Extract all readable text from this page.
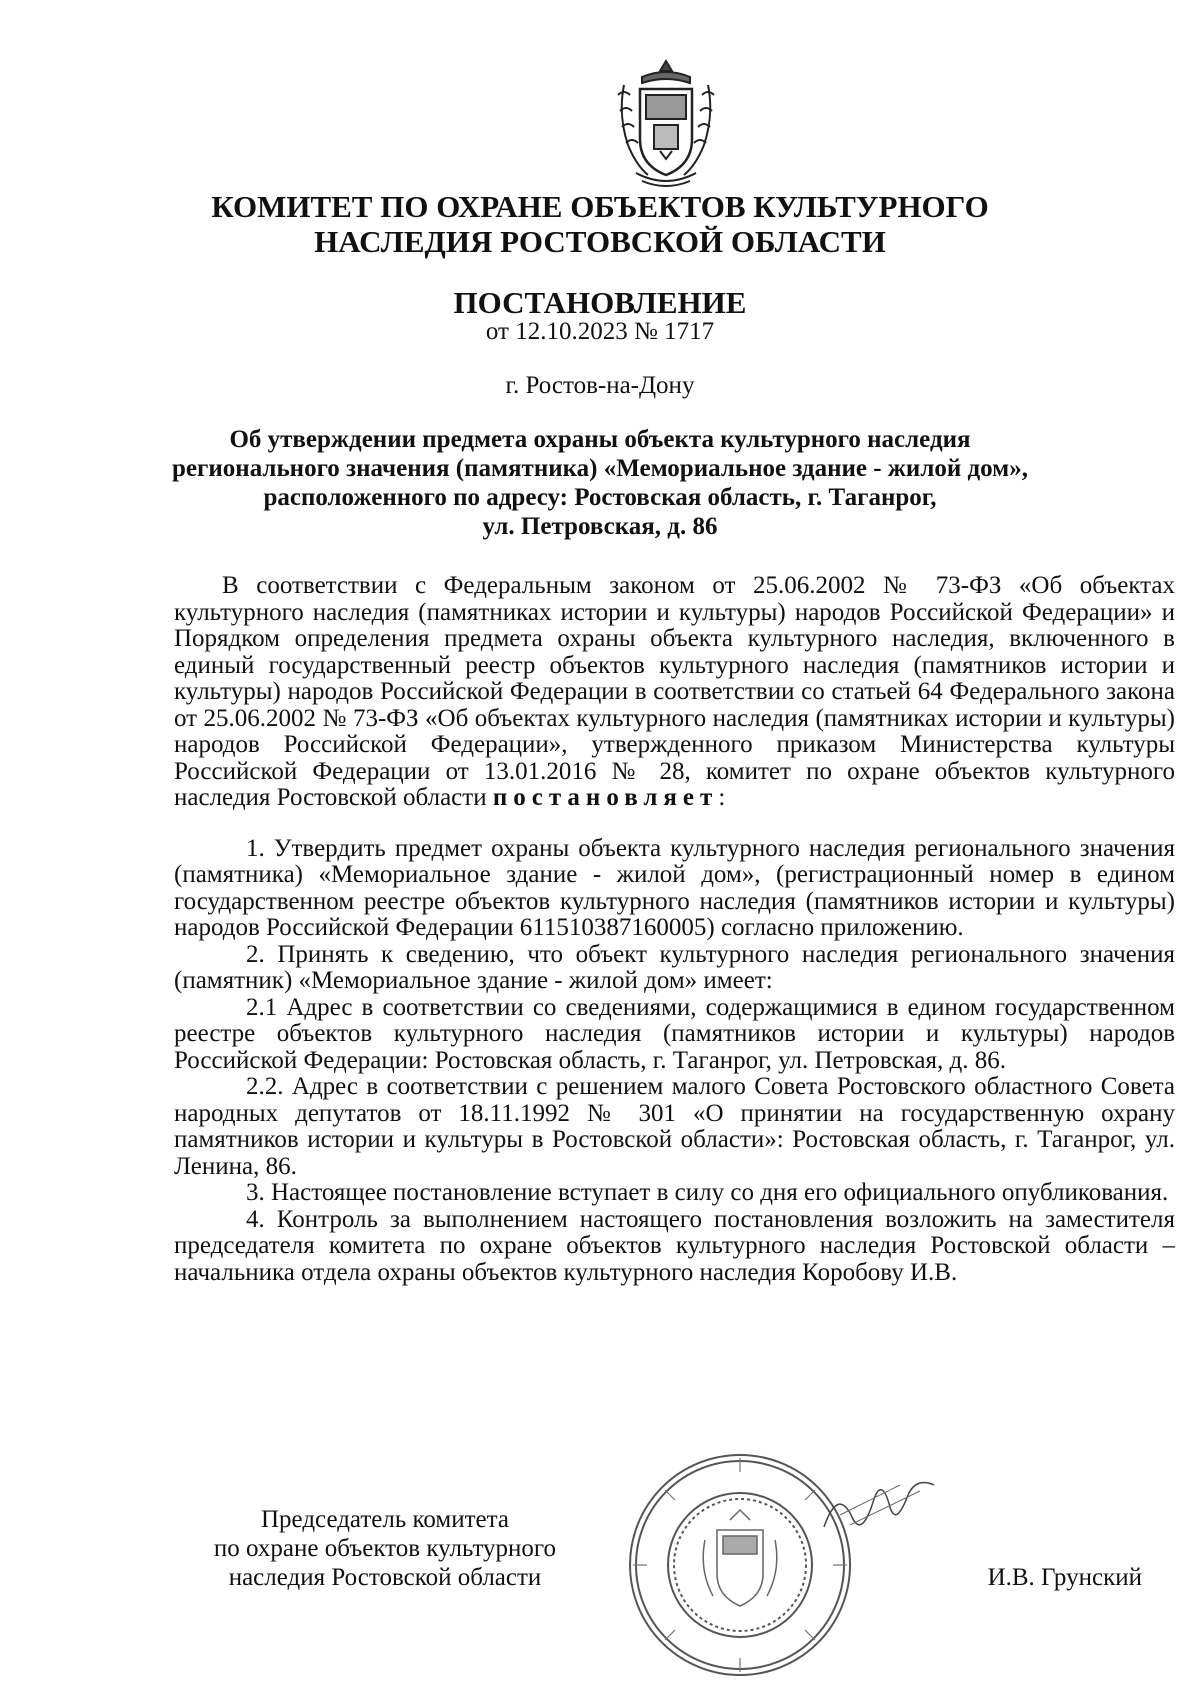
КОМИТЕТ ПО ОХРАНЕ ОБЪЕКТОВ КУЛЬТУРНОГО
НАСЛЕДИЯ РОСТОВСКОЙ ОБЛАСТИ
ПОСТАНОВЛЕНИЕ
от 12.10.2023 № 1717
г. Ростов-на-Дону
Об утверждении предмета охраны объекта культурного наследия
регионального значения (памятника) «Мемориальное здание - жилой дом»,
расположенного по адресу: Ростовская область, г. Таганрог,
ул. Петровская, д. 86

В соответствии с Федеральным законом от 25.06.2002 № 73-ФЗ «Об объектах культурного наследия (памятниках истории и культуры) народов Российской Федерации» и Порядком определения предмета охраны объекта культурного наследия, включенного в единый государственный реестр объектов культурного наследия (памятников истории и культуры) народов Российской Федерации в соответствии со статьей 64 Федерального закона от 25.06.2002 № 73-ФЗ «Об объектах культурного наследия (памятниках истории и культуры) народов Российской Федерации», утвержденного приказом Министерства культуры Российской Федерации от 13.01.2016 № 28, комитет по охране объектов культурного наследия Ростовской области постановляет:

1. Утвердить предмет охраны объекта культурного наследия регионального значения (памятника) «Мемориальное здание - жилой дом», (регистрационный номер в едином государственном реестре объектов культурного наследия (памятников истории и культуры) народов Российской Федерации 611510387160005) согласно приложению.

2. Принять к сведению, что объект культурного наследия регионального значения (памятник) «Мемориальное здание - жилой дом» имеет:

2.1 Адрес в соответствии со сведениями, содержащимися в едином государственном реестре объектов культурного наследия (памятников истории и культуры) народов Российской Федерации: Ростовская область, г. Таганрог, ул. Петровская, д. 86.

2.2. Адрес в соответствии с решением малого Совета Ростовского областного Совета народных депутатов от 18.11.1992 № 301 «О принятии на государственную охрану памятников истории и культуры в Ростовской области»: Ростовская область, г. Таганрог, ул. Ленина, 86.

3. Настоящее постановление вступает в силу со дня его официального опубликования.

4. Контроль за выполнением настоящего постановления возложить на заместителя председателя комитета по охране объектов культурного наследия Ростовской области – начальника отдела охраны объектов культурного наследия Коробову И.В.

Председатель комитета
по охране объектов культурного
наследия Ростовской области	И.В. Грунский
